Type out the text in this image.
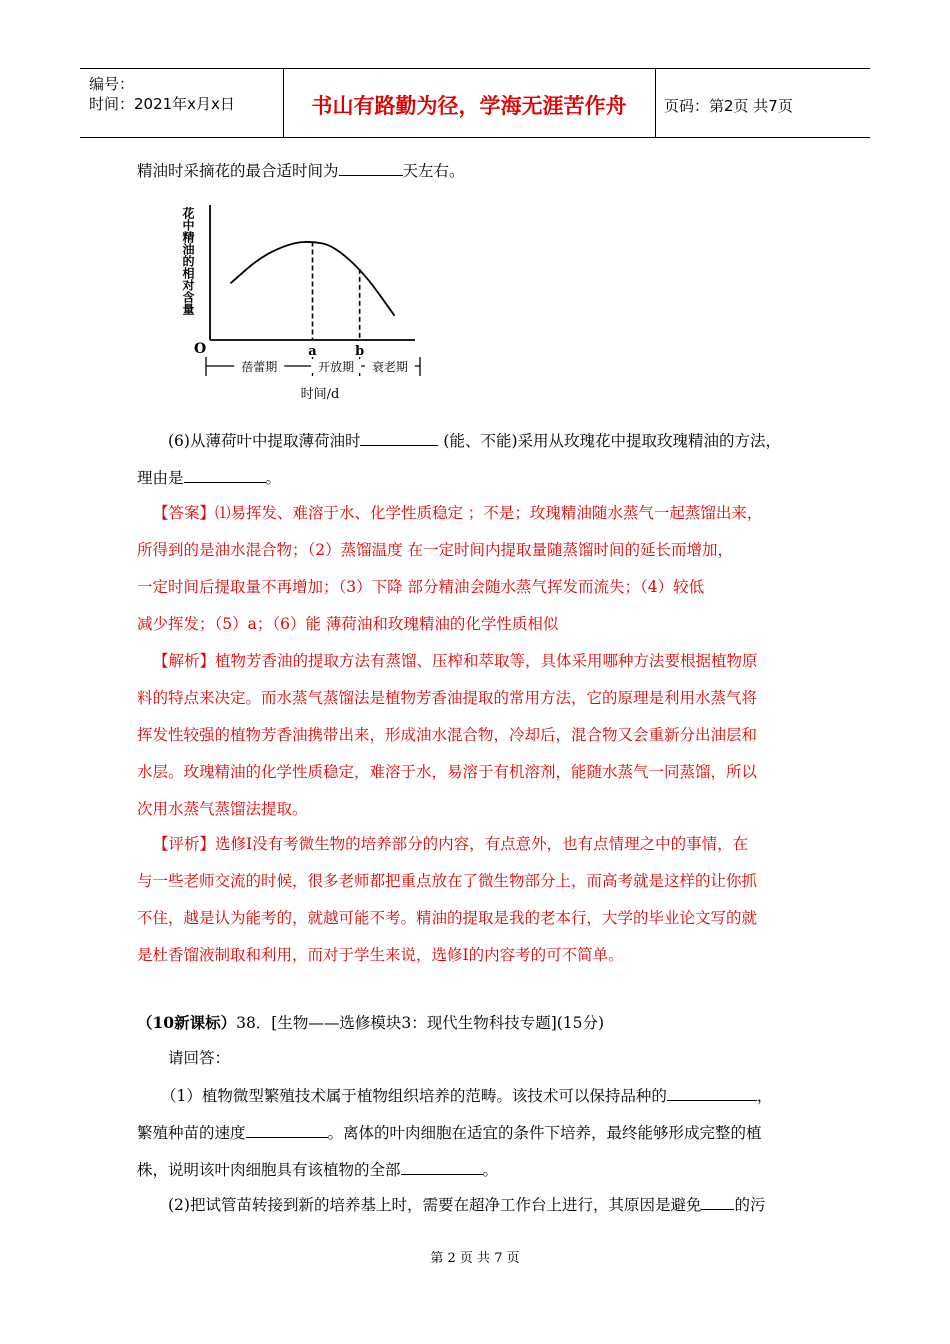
编号：
时间：2021年x月x日	书山有路勤为径，学海无涯苦作舟	页码：第2页 共7页
精油时采摘花的最合适时间为	天左右。
花中精油的相对含量
O	a	b
蓓蕾期	开放期 衰老期
时间/d
(6)从薄荷叶中提取薄荷油时	(能、不能)采用从玫瑰花中提取玫瑰精油的方法，
理由是	。
【答案】⑴易挥发、难溶于水、化学性质稳定 ；不是；玫瑰精油随水蒸气一起蒸馏出来，
所得到的是油水混合物；（2）蒸馏温度 在一定时间内提取量随蒸馏时间的延长而增加，
一定时间后提取量不再增加；（3）下降 部分精油会随水蒸气挥发而流失；（4）较低
减少挥发；（5）a；（6）能 薄荷油和玫瑰精油的化学性质相似
【解析】植物芳香油的提取方法有蒸馏、压榨和萃取等，具体采用哪种方法要根据植物原
料的特点来决定。而水蒸气蒸馏法是植物芳香油提取的常用方法，它的原理是利用水蒸气将
挥发性较强的植物芳香油携带出来，形成油水混合物，冷却后，混合物又会重新分出油层和
水层。玫瑰精油的化学性质稳定，难溶于水，易溶于有机溶剂，能随水蒸气一同蒸馏，所以
次用水蒸气蒸馏法提取。
【评析】选修Ⅰ没有考微生物的培养部分的内容，有点意外，也有点情理之中的事情，在
与一些老师交流的时候，很多老师都把重点放在了微生物部分上，而高考就是这样的让你抓
不住，越是认为能考的，就越可能不考。精油的提取是我的老本行，大学的毕业论文写的就
是杜香馏液制取和利用，而对于学生来说，选修Ⅰ的内容考的可不简单。
（10新课标）38．[生物——选修模块3：现代生物科技专题](15分)
请回答：
（1）植物微型繁殖技术属于植物组织培养的范畴。该技术可以保持品种的	，
繁殖种苗的速度	。离体的叶肉细胞在适宜的条件下培养，最终能够形成完整的植
株，说明该叶肉细胞具有该植物的全部	。
(2)把试管苗转接到新的培养基上时，需要在超净工作台上进行，其原因是避免 的污
第 2 页 共 7 页
